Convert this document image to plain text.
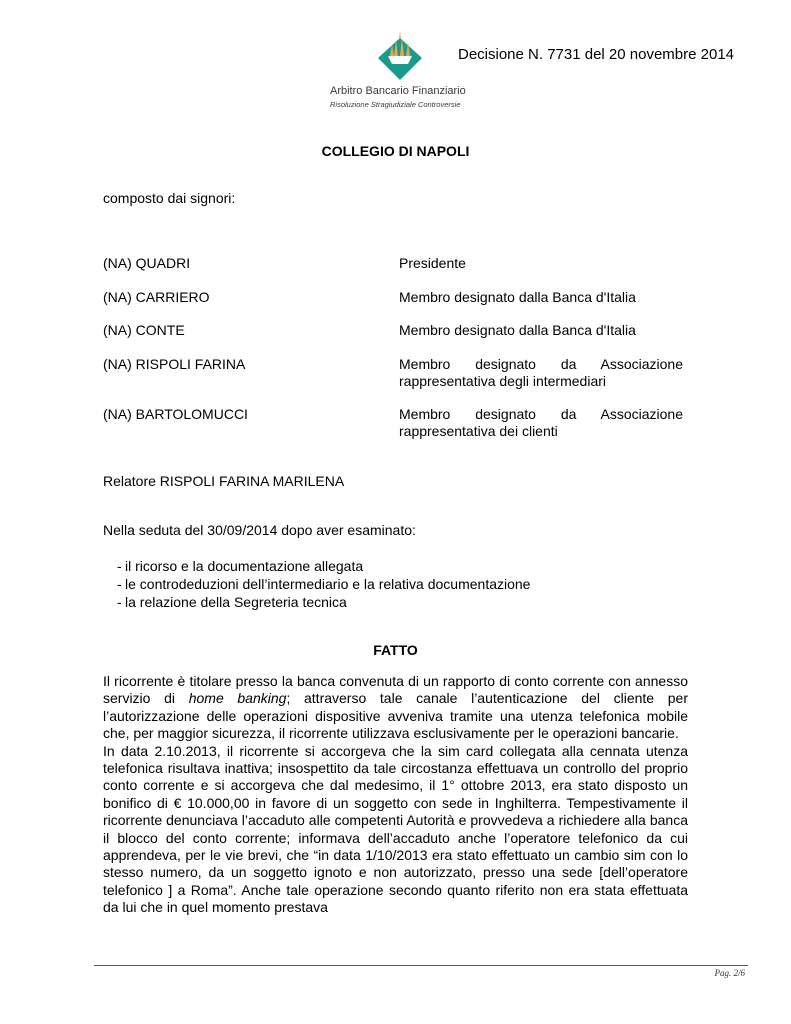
Arbitro Bancario Finanziario
Risoluzione Stragiudiziale Controversie
Decisione N. 7731 del 20 novembre 2014
COLLEGIO DI NAPOLI
composto dai signori:
(NA) QUADRI	Presidente
(NA) CARRIERO	Membro designato dalla Banca d'Italia
(NA) CONTE	Membro designato dalla Banca d'Italia
(NA) RISPOLI FARINA	Membro designato da Associazione
rappresentativa degli intermediari
(NA) BARTOLOMUCCI	Membro designato da Associazione
rappresentativa dei clienti
Relatore RISPOLI FARINA MARILENA
Nella seduta del 30/09/2014 dopo aver esaminato:
- il ricorso e la documentazione allegata
- le controdeduzioni dell’intermediario e la relativa documentazione
- la relazione della Segreteria tecnica
FATTO

Il ricorrente è titolare presso la banca convenuta di un rapporto di conto corrente con annesso servizio di home banking; attraverso tale canale l’autenticazione del cliente per l’autorizzazione delle operazioni dispositive avveniva tramite una utenza telefonica mobile che, per maggior sicurezza, il ricorrente utilizzava esclusivamente per le operazioni bancarie.

In data 2.10.2013, il ricorrente si accorgeva che la sim card collegata alla cennata utenza telefonica risultava inattiva; insospettito da tale circostanza effettuava un controllo del proprio conto corrente e si accorgeva che dal medesimo, il 1° ottobre 2013, era stato disposto un bonifico di € 10.000,00 in favore di un soggetto con sede in Inghilterra. Tempestivamente il ricorrente denunciava l’accaduto alle competenti Autorità e provvedeva a richiedere alla banca il blocco del conto corrente; informava dell’accaduto anche l’operatore telefonico da cui apprendeva, per le vie brevi, che “in data 1/10/2013 era stato effettuato un cambio sim con lo stesso numero, da un soggetto ignoto e non autorizzato, presso una sede [dell’operatore telefonico ] a Roma”. Anche tale operazione secondo quanto riferito non era stata effettuata da lui che in quel momento prestava

Pag. 2/6
